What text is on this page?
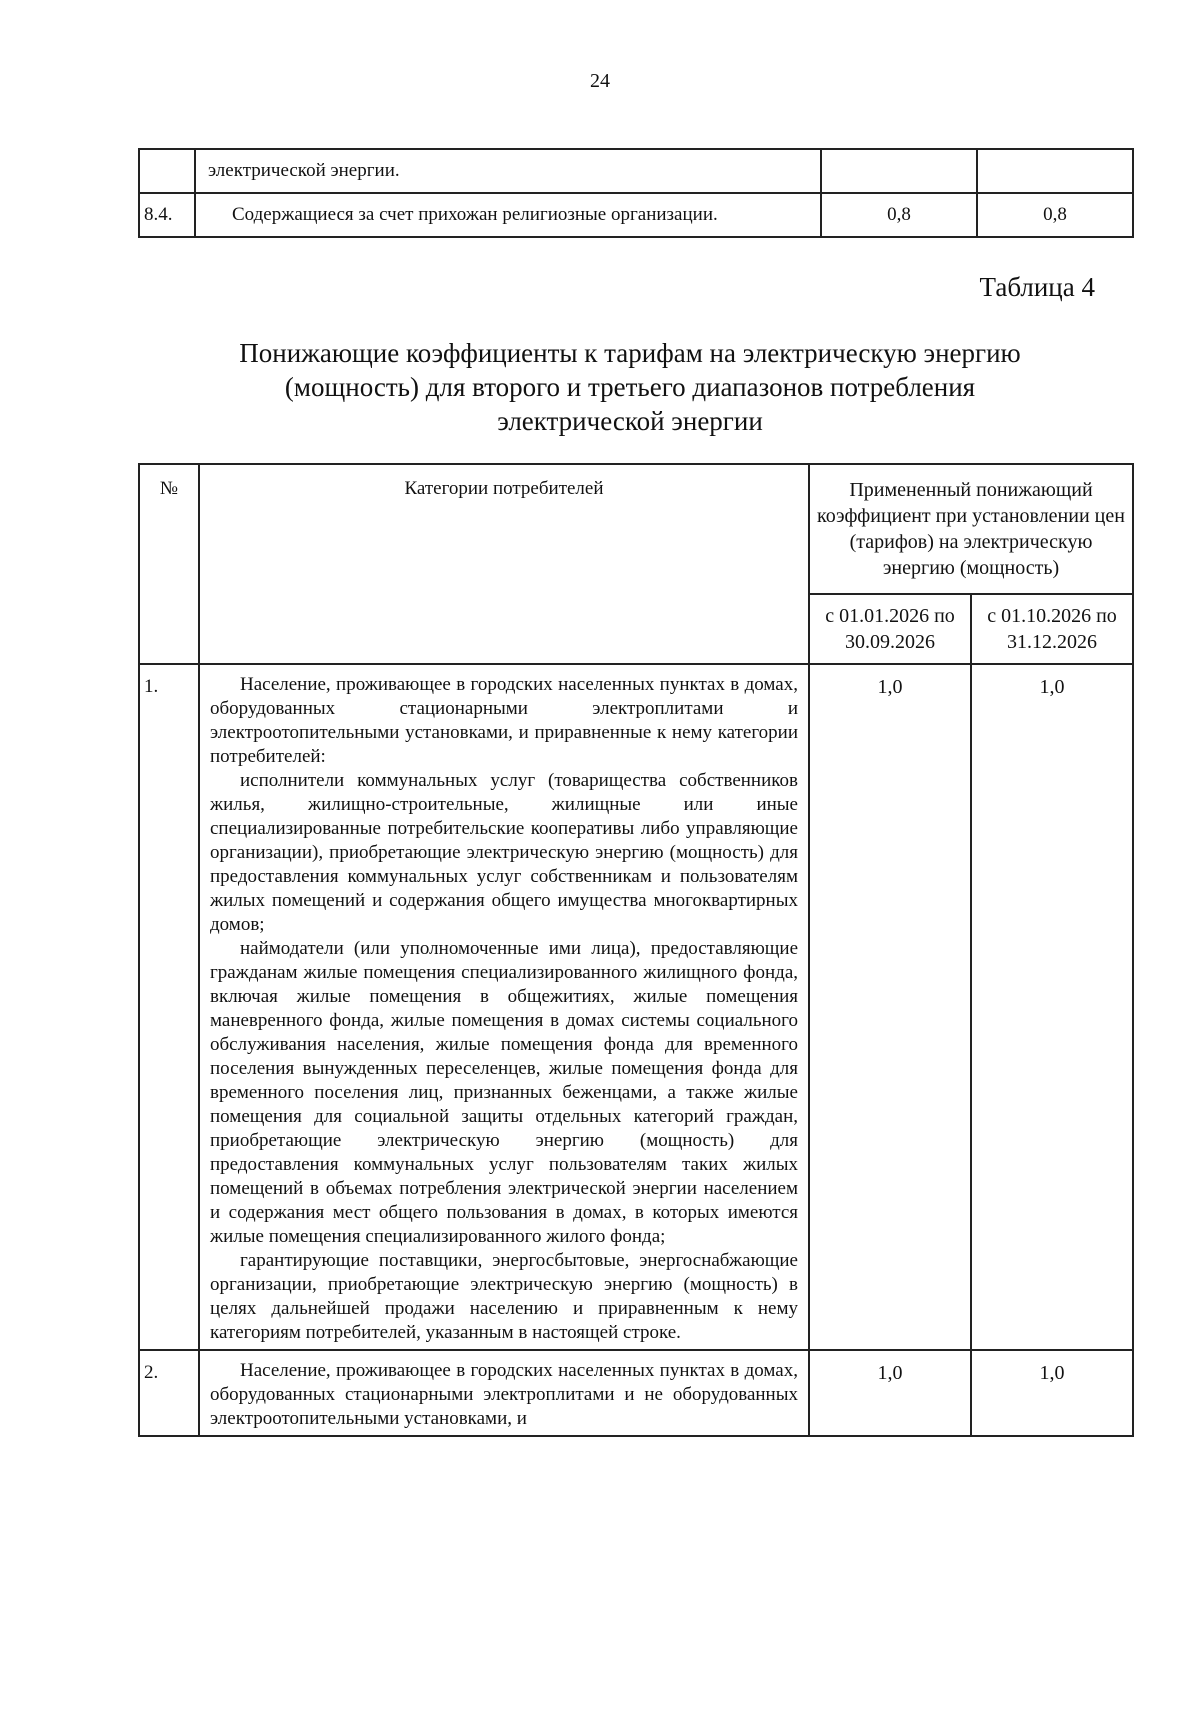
24
	электрической энергии.		
8.4.	Содержащиеся за счет прихожан религиозные организации.	0,8	0,8
Таблица 4
Понижающие коэффициенты к тарифам на электрическую энергию (мощность) для второго и третьего диапазонов потребления электрической энергии
№	Категории потребителей	Примененный понижающий коэффициент при установлении цен (тарифов) на электрическую энергию (мощность)	
		с 01.01.2026 по 30.09.2026	с 01.10.2026 по 31.12.2026
1.	Население, проживающее в городских населенных пунктах в домах, оборудованных стационарными электроплитами и электроотопительными установками, и приравненные к нему категории потребителей:

исполнители коммунальных услуг (товарищества собственников жилья, жилищно-строительные, жилищные или иные специализированные потребительские кооперативы либо управляющие организации), приобретающие электрическую энергию (мощность) для предоставления коммунальных услуг собственникам и пользователям жилых помещений и содержания общего имущества многоквартирных домов;

наймодатели (или уполномоченные ими лица), предоставляющие гражданам жилые помещения специализированного жилищного фонда, включая жилые помещения в общежитиях, жилые помещения маневренного фонда, жилые помещения в домах системы социального обслуживания населения, жилые помещения фонда для временного поселения вынужденных переселенцев, жилые помещения фонда для временного поселения лиц, признанных беженцами, а также жилые помещения для социальной защиты отдельных категорий граждан, приобретающие электрическую энергию (мощность) для предоставления коммунальных услуг пользователям таких жилых помещений в объемах потребления электрической энергии населением и содержания мест общего пользования в домах, в которых имеются жилые помещения специализированного жилого фонда;

гарантирующие поставщики, энергосбытовые, энергоснабжающие организации, приобретающие электрическую энергию (мощность) в целях дальнейшей продажи населению и приравненным к нему категориям потребителей, указанным в настоящей строке.	1,0	1,0
2.	Население, проживающее в городских населенных пунктах в домах, оборудованных стационарными электроплитами и не оборудованных электроотопительными установками, и	1,0	1,0
